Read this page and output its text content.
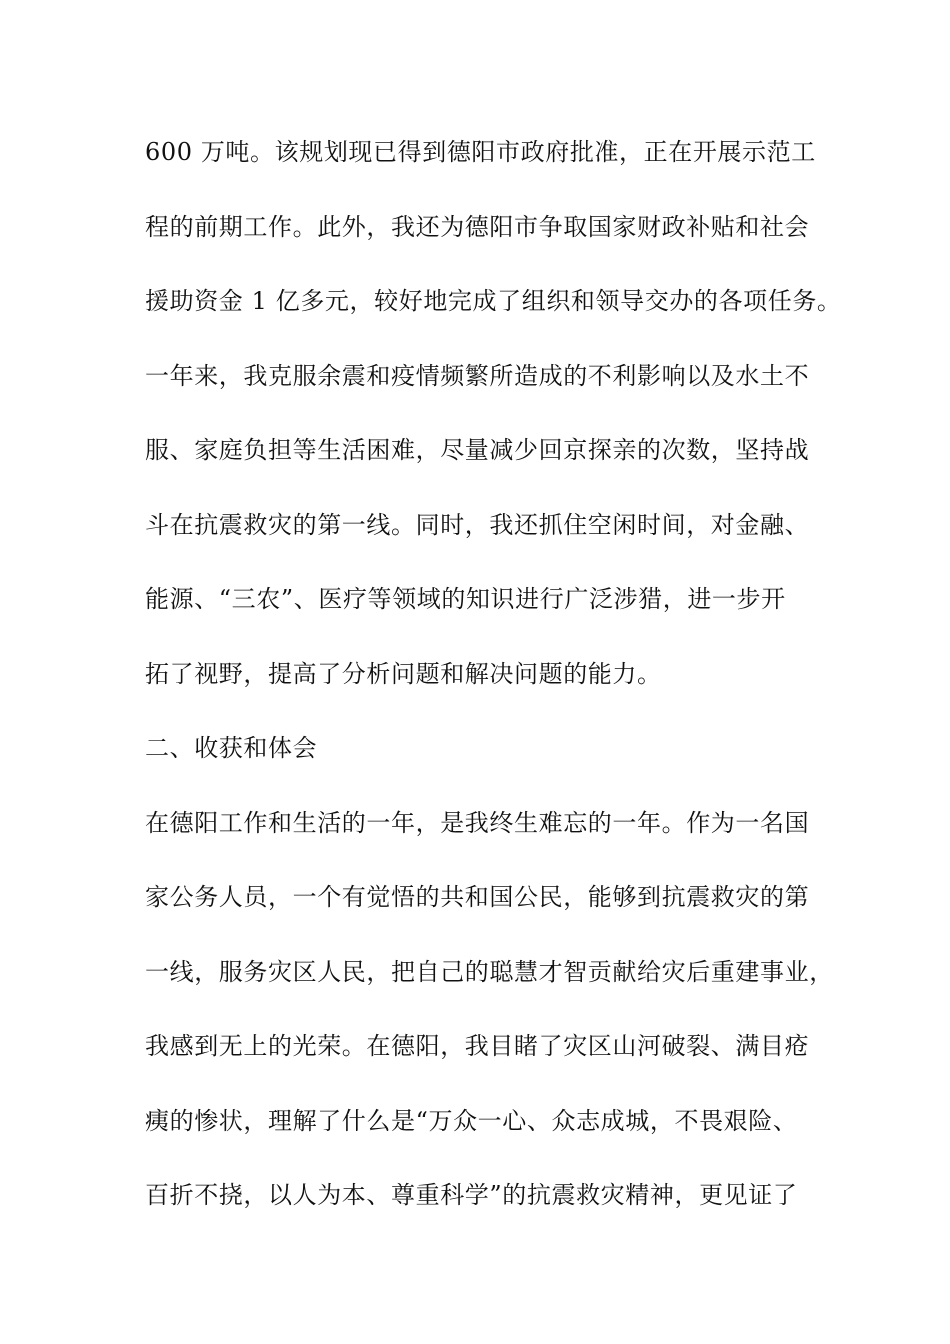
600 万吨。该规划现已得到德阳市政府批准，正在开展示范工
程的前期工作。此外，我还为德阳市争取国家财政补贴和社会
援助资金 1 亿多元，较好地完成了组织和领导交办的各项任务。
一年来，我克服余震和疫情频繁所造成的不利影响以及水土不
服、家庭负担等生活困难，尽量减少回京探亲的次数，坚持战
斗在抗震救灾的第一线。同时，我还抓住空闲时间，对金融、
能源、“三农”、医疗等领域的知识进行广泛涉猎，进一步开
拓了视野，提高了分析问题和解决问题的能力。
二、收获和体会
在德阳工作和生活的一年，是我终生难忘的一年。作为一名国
家公务人员，一个有觉悟的共和国公民，能够到抗震救灾的第
一线，服务灾区人民，把自己的聪慧才智贡献给灾后重建事业，
我感到无上的光荣。在德阳，我目睹了灾区山河破裂、满目疮
痍的惨状，理解了什么是“万众一心、众志成城，不畏艰险、
百折不挠，以人为本、尊重科学”的抗震救灾精神，更见证了
